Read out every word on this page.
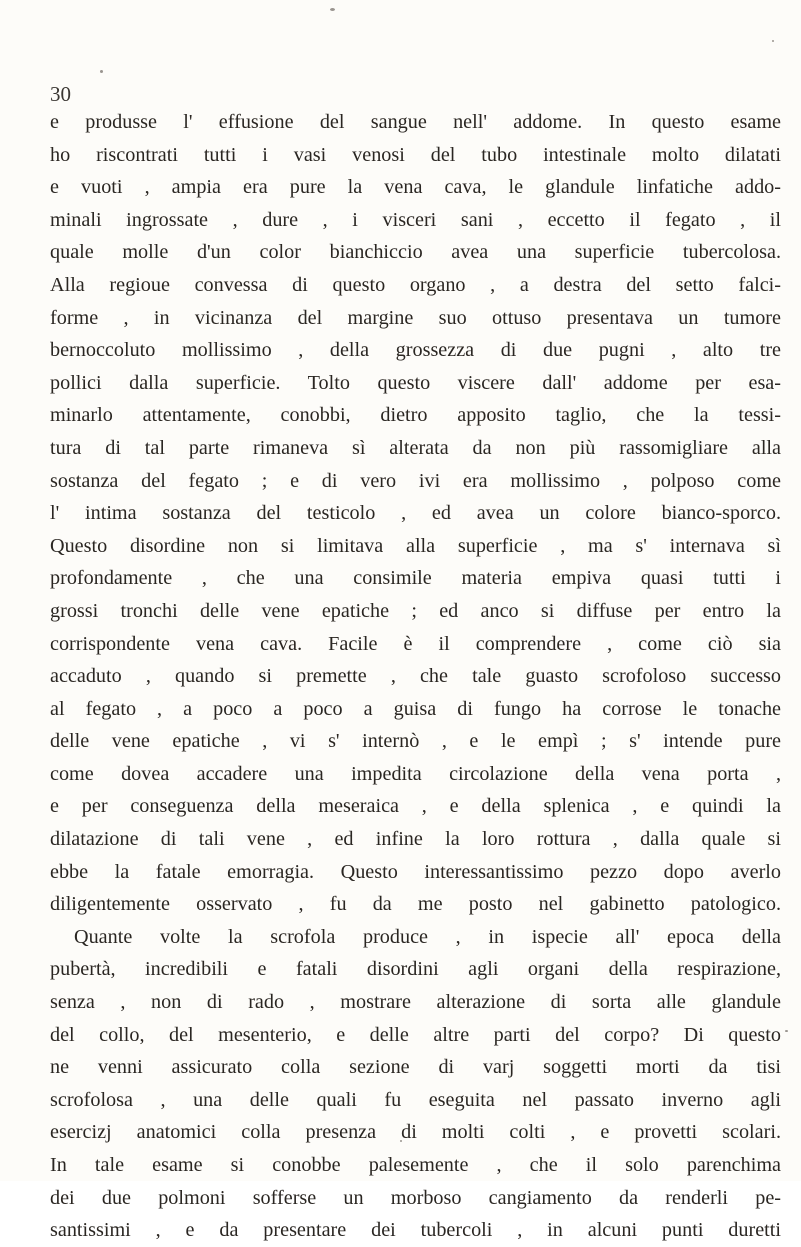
30
e produsse l' effusione del sangue nell' addome. In questo esame
ho riscontrati tutti i vasi venosi del tubo intestinale molto dilatati
e vuoti , ampia era pure la vena cava, le glandule linfatiche addo-
minali ingrossate , dure , i visceri sani , eccetto il fegato , il
quale molle d'un color bianchiccio avea una superficie tubercolosa.
Alla regioue convessa di questo organo , a destra del setto falci-
forme , in vicinanza del margine suo ottuso presentava un tumore
bernoccoluto mollissimo , della grossezza di due pugni , alto tre
pollici dalla superficie. Tolto questo viscere dall' addome per esa-
minarlo attentamente, conobbi, dietro apposito taglio, che la tessi-
tura di tal parte rimaneva sì alterata da non più rassomigliare alla
sostanza del fegato ; e di vero ivi era mollissimo , polposo come
l' intima sostanza del testicolo , ed avea un colore bianco-sporco.
Questo disordine non si limitava alla superficie , ma s' internava sì
profondamente , che una consimile materia empiva quasi tutti i
grossi tronchi delle vene epatiche ; ed anco si diffuse per entro la
corrispondente vena cava. Facile è il comprendere , come ciò sia
accaduto , quando si premette , che tale guasto scrofoloso successo
al fegato , a poco a poco a guisa di fungo ha corrose le tonache
delle vene epatiche , vi s' internò , e le empì ; s' intende pure
come dovea accadere una impedita circolazione della vena porta ,
e per conseguenza della meseraica , e della splenica , e quindi la
dilatazione di tali vene , ed infine la loro rottura , dalla quale si
ebbe la fatale emorragia. Questo interessantissimo pezzo dopo averlo
diligentemente osservato , fu da me posto nel gabinetto patologico.
Quante volte la scrofola produce , in ispecie all' epoca della
pubertà, incredibili e fatali disordini agli organi della respirazione,
senza , non di rado , mostrare alterazione di sorta alle glandule
del collo, del mesenterio, e delle altre parti del corpo? Di questo
ne venni assicurato colla sezione di varj soggetti morti da tisi
scrofolosa , una delle quali fu eseguita nel passato inverno agli
esercizj anatomici colla presenza di molti colti , e provetti scolari.
In tale esame si conobbe palesemente , che il solo parenchima
dei due polmoni sofferse un morboso cangiamento da renderli pe-
santissimi , e da presentare dei tubercoli , in alcuni punti duretti
